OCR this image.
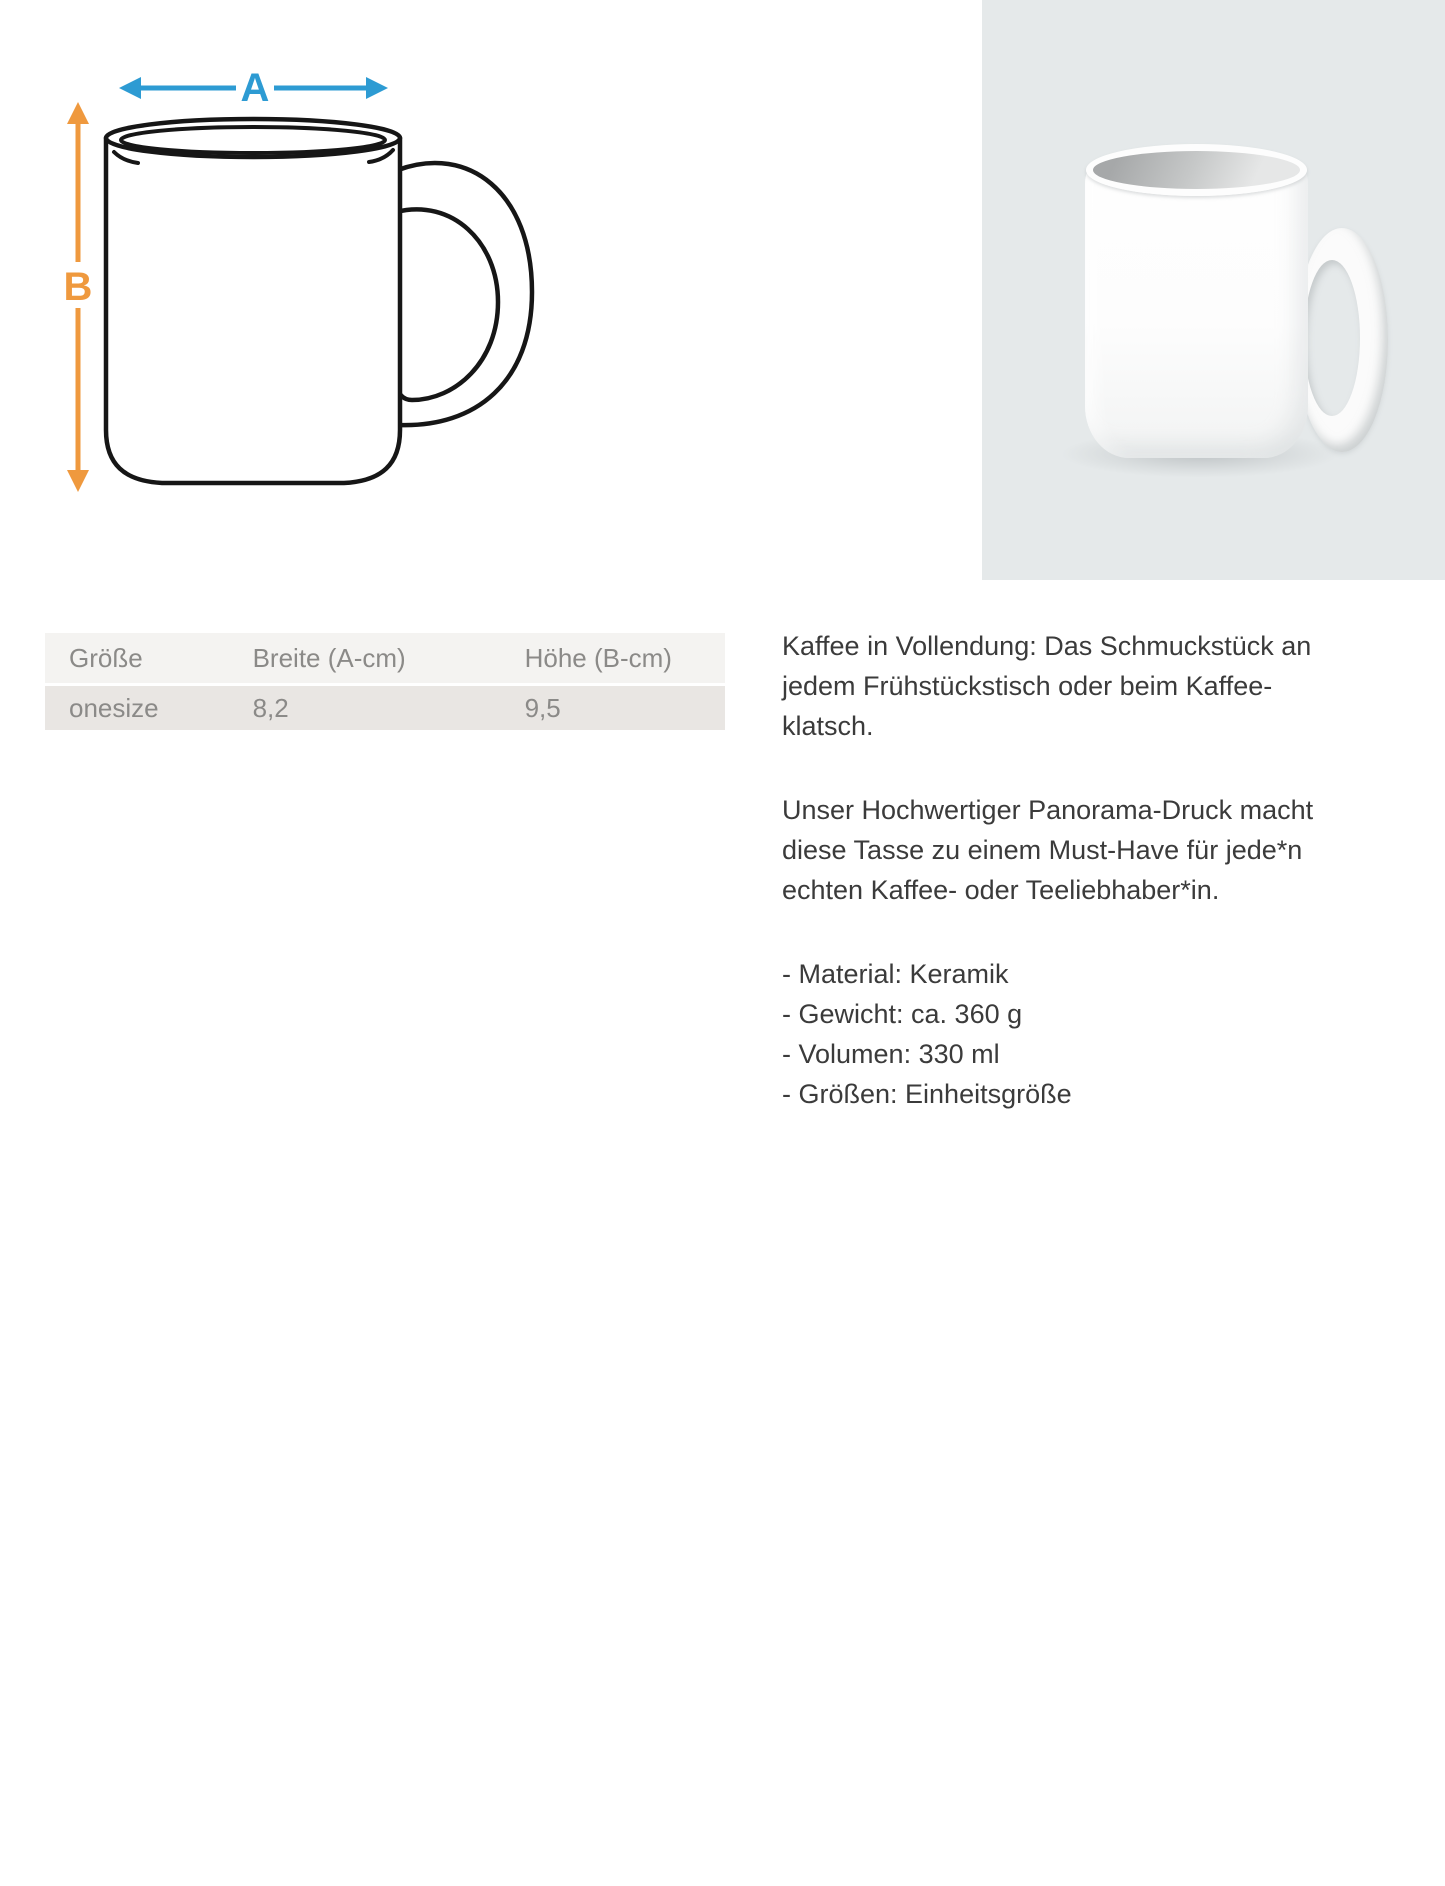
A
B
Größe	Breite (A-cm)	Höhe (B-cm)
onesize	8,2	9,5
Kaffee in Vollendung: Das Schmuckstück an
jedem Frühstückstisch oder beim Kaffee-
klatsch.
Unser Hochwertiger Panorama-Druck macht
diese Tasse zu einem Must-Have für jede*n
echten Kaffee- oder Teeliebhaber*in.
- Material: Keramik
- Gewicht: ca. 360 g
- Volumen: 330 ml
- Größen: Einheitsgröße
